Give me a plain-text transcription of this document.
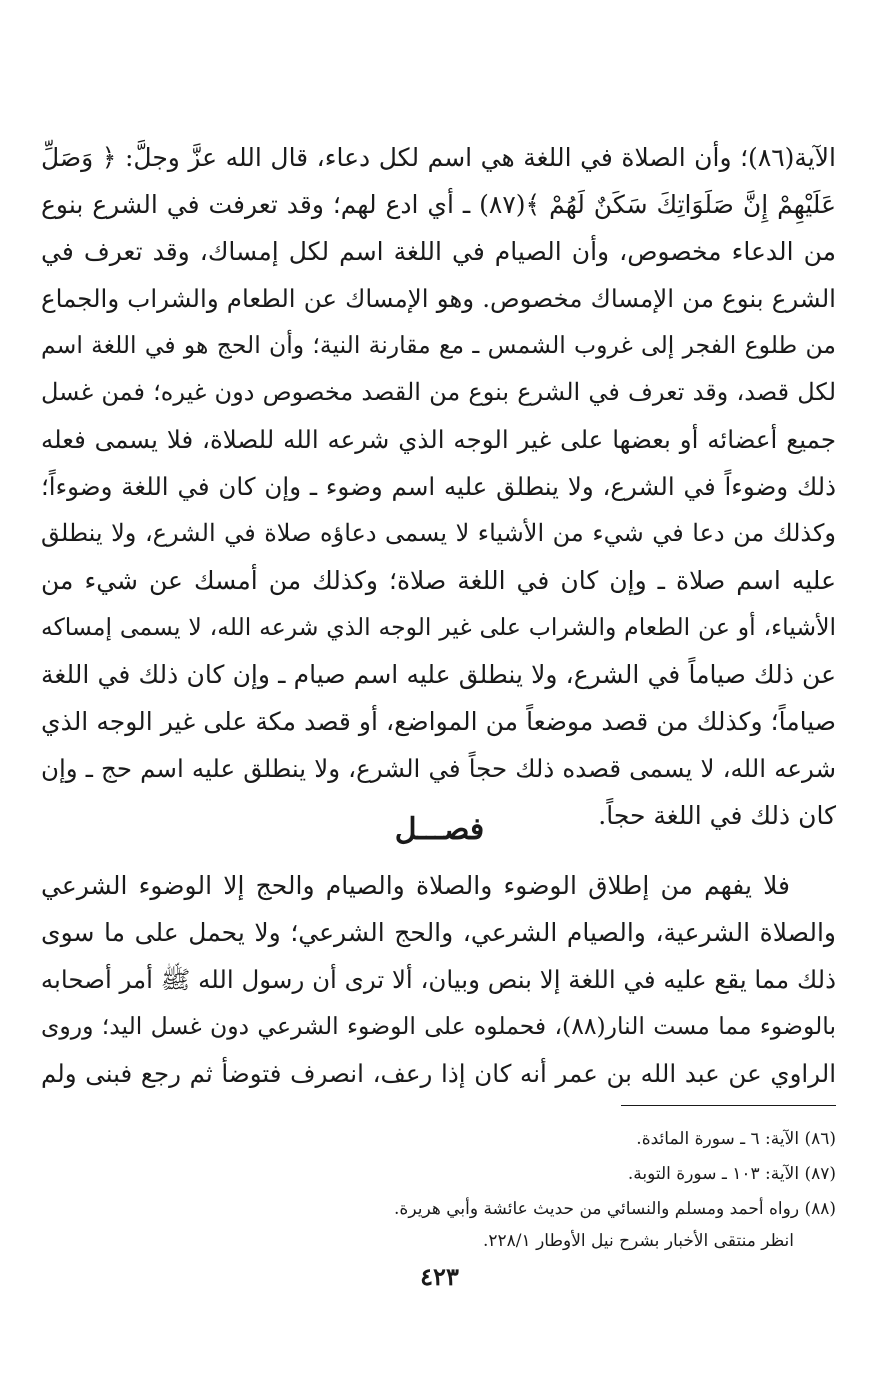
الآية(٨٦)؛ وأن الصلاة في اللغة هي اسم لكل دعاء، قال الله عزَّ وجلَّ: ﴿ وَصَلِّ
عَلَيْهِمْ إِنَّ صَلَوَاتِكَ سَكَنٌ لَهُمْ ﴾(٨٧) ـ أي ادع لهم؛ وقد تعرفت في الشرع بنوع
من الدعاء مخصوص، وأن الصيام في اللغة اسم لكل إمساك، وقد تعرف في
الشرع بنوع من الإمساك مخصوص. وهو الإمساك عن الطعام والشراب والجماع
من طلوع الفجر إلى غروب الشمس ـ مع مقارنة النية؛ وأن الحج هو في اللغة اسم
لكل قصد، وقد تعرف في الشرع بنوع من القصد مخصوص دون غيره؛ فمن غسل
جميع أعضائه أو بعضها على غير الوجه الذي شرعه الله للصلاة، فلا يسمى فعله
ذلك وضوءاً في الشرع، ولا ينطلق عليه اسم وضوء ـ وإن كان في اللغة وضوءاً؛
وكذلك من دعا في شيء من الأشياء لا يسمى دعاؤه صلاة في الشرع، ولا ينطلق
عليه اسم صلاة ـ وإن كان في اللغة صلاة؛ وكذلك من أمسك عن شيء من
الأشياء، أو عن الطعام والشراب على غير الوجه الذي شرعه الله، لا يسمى إمساكه
عن ذلك صياماً في الشرع، ولا ينطلق عليه اسم صيام ـ وإن كان ذلك في اللغة
صياماً؛ وكذلك من قصد موضعاً من المواضع، أو قصد مكة على غير الوجه الذي
شرعه الله، لا يسمى قصده ذلك حجاً في الشرع، ولا ينطلق عليه اسم حج ـ وإن
كان ذلك في اللغة حجاً.
فصـــل
فلا يفهم من إطلاق الوضوء والصلاة والصيام والحج إلا الوضوء الشرعي
والصلاة الشرعية، والصيام الشرعي، والحج الشرعي؛ ولا يحمل على ما سوى
ذلك مما يقع عليه في اللغة إلا بنص وبيان، ألا ترى أن رسول الله ﷺ أمر أصحابه
بالوضوء مما مست النار(٨٨)، فحملوه على الوضوء الشرعي دون غسل اليد؛ وروى
الراوي عن عبد الله بن عمر أنه كان إذا رعف، انصرف فتوضأ ثم رجع فبنى ولم
(٨٦) الآية: ٦ ـ سورة المائدة.
(٨٧) الآية: ١٠٣ ـ سورة التوبة.
(٨٨) رواه أحمد ومسلم والنسائي من حديث عائشة وأبي هريرة.
انظر منتقى الأخبار بشرح نيل الأوطار ٢٢٨/١.
٤٢٣
